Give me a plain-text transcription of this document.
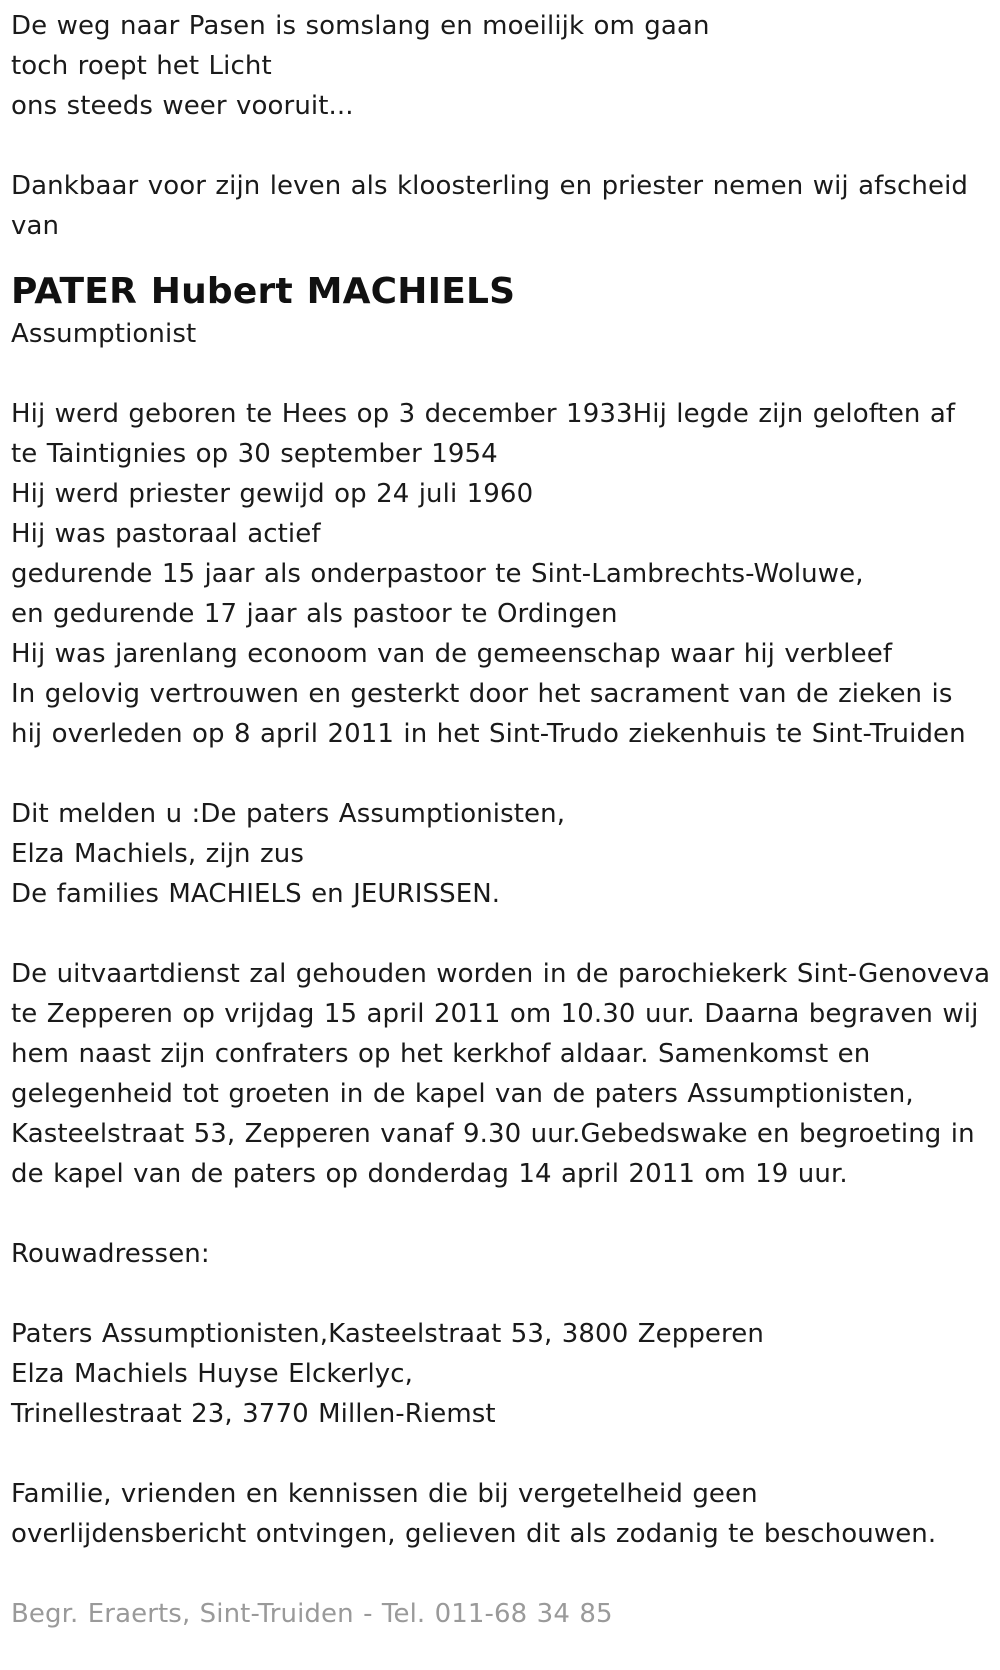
De weg naar Pasen is somslang en moeilijk om gaan
toch roept het Licht
ons steeds weer vooruit...
Dankbaar voor zijn leven als kloosterling en priester nemen wij afscheid
van
PATER Hubert MACHIELS
Assumptionist
Hij werd geboren te Hees op 3 december 1933Hij legde zijn geloften af
te Taintignies op 30 september 1954
Hij werd priester gewijd op 24 juli 1960
Hij was pastoraal actief
gedurende 15 jaar als onderpastoor te Sint-Lambrechts-Woluwe,
en gedurende 17 jaar als pastoor te Ordingen
Hij was jarenlang econoom van de gemeenschap waar hij verbleef
In gelovig vertrouwen en gesterkt door het sacrament van de zieken is
hij overleden op 8 april 2011 in het Sint-Trudo ziekenhuis te Sint-Truiden
Dit melden u :De paters Assumptionisten,
Elza Machiels, zijn zus
De families MACHIELS en JEURISSEN.
De uitvaartdienst zal gehouden worden in de parochiekerk Sint-Genoveva
te Zepperen op vrijdag 15 april 2011 om 10.30 uur. Daarna begraven wij
hem naast zijn confraters op het kerkhof aldaar. Samenkomst en
gelegenheid tot groeten in de kapel van de paters Assumptionisten,
Kasteelstraat 53, Zepperen vanaf 9.30 uur.Gebedswake en begroeting in
de kapel van de paters op donderdag 14 april 2011 om 19 uur.
Rouwadressen:
Paters Assumptionisten,Kasteelstraat 53, 3800 Zepperen
Elza Machiels Huyse Elckerlyc,
Trinellestraat 23, 3770 Millen-Riemst
Familie, vrienden en kennissen die bij vergetelheid geen
overlijdensbericht ontvingen, gelieven dit als zodanig te beschouwen.
Begr. Eraerts, Sint-Truiden - Tel. 011-68 34 85
